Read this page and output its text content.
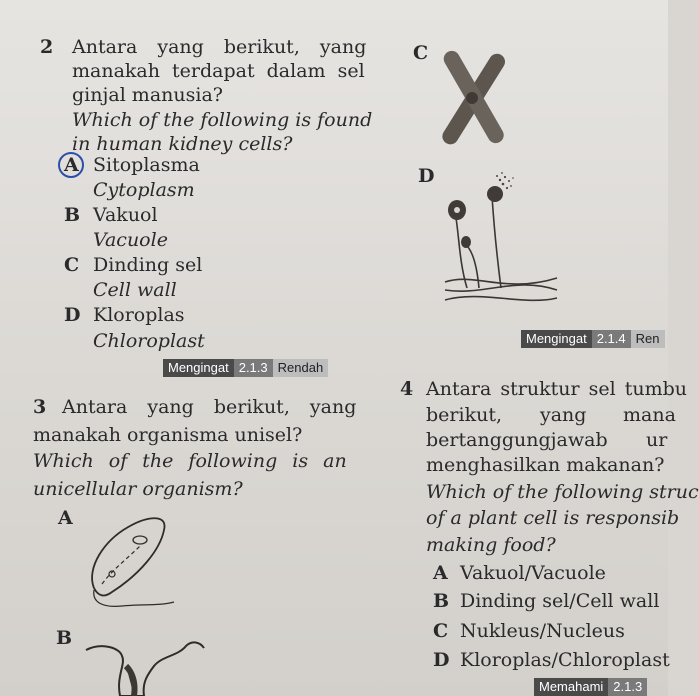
2 Antara yang berikut, yang
manakah terdapat dalam sel
ginjal manusia?
Which of the following is found
in human kidney cells?
A Sitoplasma
Cytoplasm
B Vakuol
Vacuole
C Dinding sel
Cell wall
D Kloroplas
Chloroplast
Mengingat 2.1.3 Rendah
C
D
Mengingat 2.1.4 Ren
3 Antara yang berikut, yang
manakah organisma unisel?
Which of the following is an
unicellular organism?
A
B
4 Antara struktur sel tumbu
berikut, yang mana
bertanggungjawab ur
menghasilkan makanan?
Which of the following struc
of a plant cell is responsib
making food?
A Vakuol/Vacuole
B Dinding sel/Cell wall
C Nukleus/Nucleus
D Kloroplas/Chloroplast
Memahami 2.1.3
